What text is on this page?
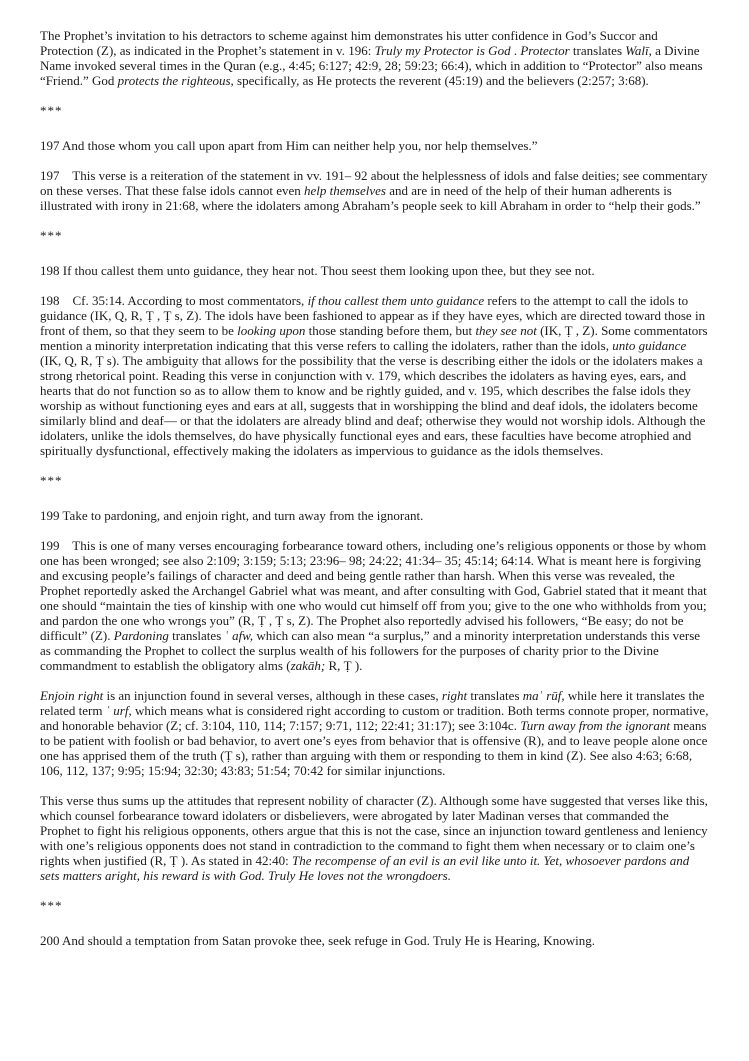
The Prophet’s invitation to his detractors to scheme against him demonstrates his utter confidence in God’s Succor and Protection (Z), as indicated in the Prophet’s statement in v. 196: Truly my Protector is God . Protector translates Walī, a Divine Name invoked several times in the Quran (e.g., 4:45; 6:127; 42:9, 28; 59:23; 66:4), which in addition to “Protector” also means “Friend.” God protects the righteous, specifically, as He protects the reverent (45:19) and the believers (2:257; 3:68).

***

197 And those whom you call upon apart from Him can neither help you, nor help themselves.”

197    This verse is a reiteration of the statement in vv. 191– 92 about the helplessness of idols and false deities; see commentary on these verses. That these false idols cannot even help themselves and are in need of the help of their human adherents is illustrated with irony in 21:68, where the idolaters among Abraham’s people seek to kill Abraham in order to “help their gods.”

***

198 If thou callest them unto guidance, they hear not. Thou seest them looking upon thee, but they see not.

198    Cf. 35:14. According to most commentators, if thou callest them unto guidance refers to the attempt to call the idols to guidance (IK, Q, R, Ṭ , Ṭ s, Z). The idols have been fashioned to appear as if they have eyes, which are directed toward those in front of them, so that they seem to be looking upon those standing before them, but they see not (IK, Ṭ , Z). Some commentators mention a minority interpretation indicating that this verse refers to calling the idolaters, rather than the idols, unto guidance (IK, Q, R, Ṭ s). The ambiguity that allows for the possibility that the verse is describing either the idols or the idolaters makes a strong rhetorical point. Reading this verse in conjunction with v. 179, which describes the idolaters as having eyes, ears, and hearts that do not function so as to allow them to know and be rightly guided, and v. 195, which describes the false idols they worship as without functioning eyes and ears at all, suggests that in worshipping the blind and deaf idols, the idolaters become similarly blind and deaf— or that the idolaters are already blind and deaf; otherwise they would not worship idols. Although the idolaters, unlike the idols themselves, do have physically functional eyes and ears, these faculties have become atrophied and spiritually dysfunctional, effectively making the idolaters as impervious to guidance as the idols themselves.

***

199 Take to pardoning, and enjoin right, and turn away from the ignorant.

199    This is one of many verses encouraging forbearance toward others, including one’s religious opponents or those by whom one has been wronged; see also 2:109; 3:159; 5:13; 23:96– 98; 24:22; 41:34– 35; 45:14; 64:14. What is meant here is forgiving and excusing people’s failings of character and deed and being gentle rather than harsh. When this verse was revealed, the Prophet reportedly asked the Archangel Gabriel what was meant, and after consulting with God, Gabriel stated that it meant that one should “maintain the ties of kinship with one who would cut himself off from you; give to the one who withholds from you; and pardon the one who wrongs you” (R, Ṭ , Ṭ s, Z). The Prophet also reportedly advised his followers, “Be easy; do not be difficult” (Z). Pardoning translates ʿ afw, which can also mean “a surplus,” and a minority interpretation understands this verse as commanding the Prophet to collect the surplus wealth of his followers for the purposes of charity prior to the Divine commandment to establish the obligatory alms (zakāh; R, Ṭ ).

Enjoin right is an injunction found in several verses, although in these cases, right translates maʿ rūf, while here it translates the related term ʿ urf, which means what is considered right according to custom or tradition. Both terms connote proper, normative, and honorable behavior (Z; cf. 3:104, 110, 114; 7:157; 9:71, 112; 22:41; 31:17); see 3:104c. Turn away from the ignorant means to be patient with foolish or bad behavior, to avert one’s eyes from behavior that is offensive (R), and to leave people alone once one has apprised them of the truth (Ṭ s), rather than arguing with them or responding to them in kind (Z). See also 4:63; 6:68, 106, 112, 137; 9:95; 15:94; 32:30; 43:83; 51:54; 70:42 for similar injunctions.

This verse thus sums up the attitudes that represent nobility of character (Z). Although some have suggested that verses like this, which counsel forbearance toward idolaters or disbelievers, were abrogated by later Madinan verses that commanded the Prophet to fight his religious opponents, others argue that this is not the case, since an injunction toward gentleness and leniency with one’s religious opponents does not stand in contradiction to the command to fight them when necessary or to claim one’s rights when justified (R, Ṭ ). As stated in 42:40: The recompense of an evil is an evil like unto it. Yet, whosoever pardons and sets matters aright, his reward is with God. Truly He loves not the wrongdoers.

***

200 And should a temptation from Satan provoke thee, seek refuge in God. Truly He is Hearing, Knowing.
